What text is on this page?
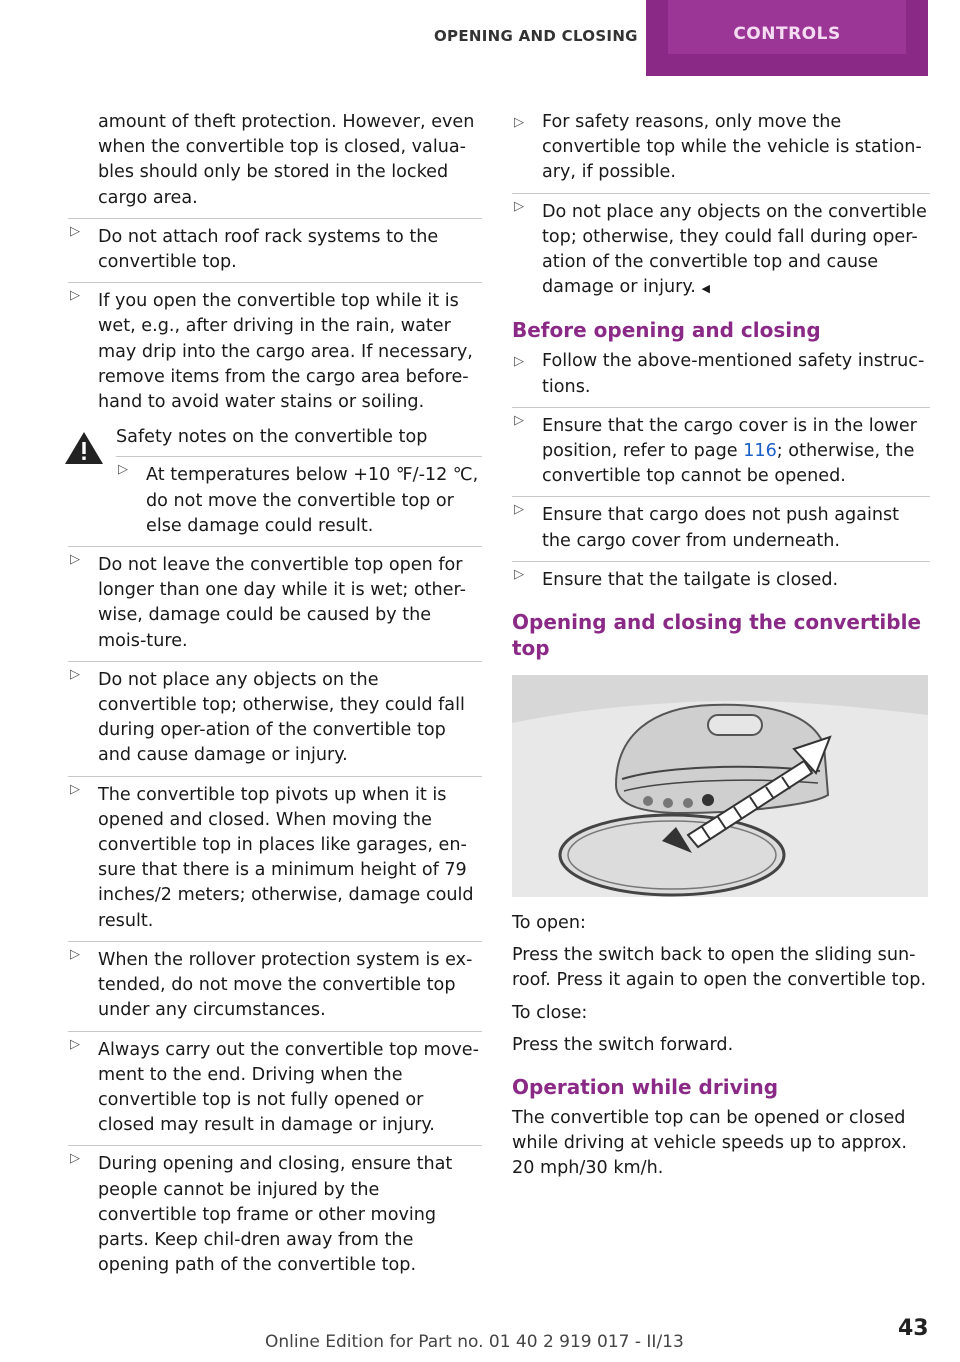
OPENING AND CLOSING	CONTROLS

amount of theft protection. However, even when the convertible top is closed, valua-bles should only be stored in the locked cargo area.

▷ Do not attach roof rack systems to the convertible top.
▷ If you open the convertible top while it is wet, e.g., after driving in the rain, water may drip into the cargo area. If necessary, remove items from the cargo area before-hand to avoid water stains or soiling.
Safety notes on the convertible top
▷ At temperatures below +10 ℉/-12 ℃, do not move the convertible top or else damage could result.
▷ Do not leave the convertible top open for longer than one day while it is wet; other-wise, damage could be caused by the mois-ture.
▷ Do not place any objects on the convertible top; otherwise, they could fall during oper-ation of the convertible top and cause damage or injury.
▷ The convertible top pivots up when it is opened and closed. When moving the convertible top in places like garages, en-sure that there is a minimum height of 79 inches/2 meters; otherwise, damage could result.
▷ When the rollover protection system is ex-tended, do not move the convertible top under any circumstances.
▷ Always carry out the convertible top move-ment to the end. Driving when the convertible top is not fully opened or closed may result in damage or injury.
▷ During opening and closing, ensure that people cannot be injured by the convertible top frame or other moving parts. Keep chil-dren away from the opening path of the convertible top.
▷ For safety reasons, only move the convertible top while the vehicle is station-ary, if possible.
▷ Do not place any objects on the convertible top; otherwise, they could fall during oper-ation of the convertible top and cause damage or injury. ◀
Before opening and closing
▷ Follow the above-mentioned safety instruc-tions.
▷ Ensure that the cargo cover is in the lower position, refer to page 116; otherwise, the convertible top cannot be opened.
▷ Ensure that cargo does not push against the cargo cover from underneath.
▷ Ensure that the tailgate is closed.
Opening and closing the convertible top
To open:
Press the switch back to open the sliding sun-roof. Press it again to open the convertible top.
To close:
Press the switch forward.
Operation while driving
The convertible top can be opened or closed while driving at vehicle speeds up to approx. 20 mph/30 km/h.
Online Edition for Part no. 01 40 2 919 017 - II/13
43
